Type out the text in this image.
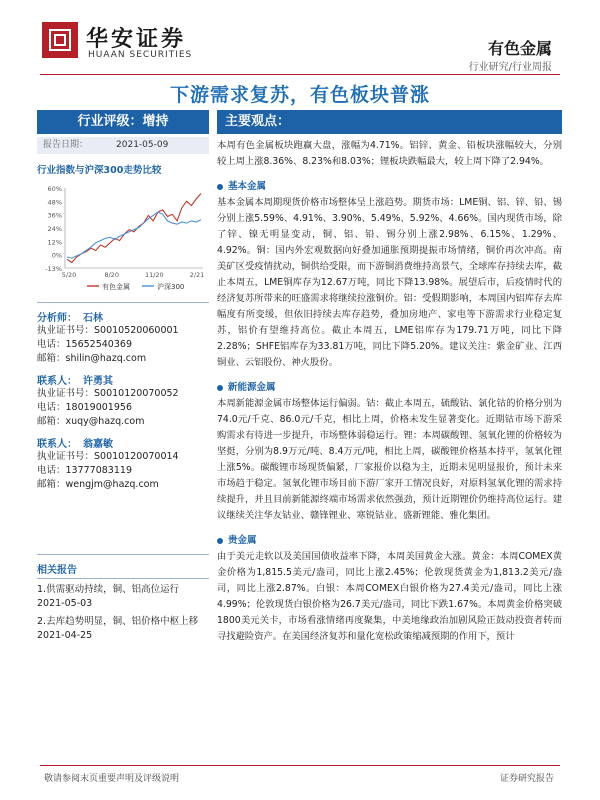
华安证券
HUAAN SECURITIES	有色金属
行业研究/行业周报
下游需求复苏，有色板块普涨
行业评级：增持
报告日期：	2021-05-09
行业指数与沪深300走势比较
60%
48%
36%
24%
12%
0%
-13%
5/20	8/20	11/20	2/21
有色金属	沪深300
分析师： 石林
执业证书号：S0010520060001
电话：15652540369
邮箱：shilin@hazq.com
联系人： 许勇其
执业证书号：S0010120070052
电话：18019001956
邮箱：xuqy@hazq.com
联系人： 翁嘉敏
执业证书号：S0010120070014
电话：13777083119
邮箱：wengjm@hazq.com
相关报告
1.供需驱动持续，铜、铝高位运行
2021-05-03
2.去库趋势明显，铜、铝价格中枢上移
2021-04-25
主要观点：
本周有色金属板块跑赢大盘，涨幅为4.71%。铝锌、黄金、铅板块涨幅较大，分别较上周上涨8.36%、8.23%和8.03%；锂板块跌幅最大，较上周下降了2.94%。
基本金属
基本金属本周期现货价格市场整体呈上涨趋势。期货市场：LME铜、铝、锌、铅、锡分别上涨5.59%、4.91%、3.90%、5.49%、5.92%、4.66%。国内现货市场，除了锌、镍无明显变动，铜、铝、铅、锡分别上涨2.98%、6.15%、1.29%、4.92%。铜：国内外宏观数据向好叠加通胀预期提振市场情绪，铜价再次冲高。南美矿区受疫情扰动，铜供给受限，而下游铜消费维持高景气，全球库存持续去库，截止本周五，LME铜库存为12.67万吨，同比下降13.98%。展望后市，后疫情时代的经济复苏所带来的旺盛需求将继续拉涨铜价。铝：受假期影响，本周国内铝库存去库幅度有所变缓，但依旧持续去库存趋势，叠加房地产、家电等下游需求行业稳定复苏，铝价有望维持高位。截止本周五，LME铝库存为179.71万吨，同比下降2.28%；SHFE铝库存为33.81万吨，同比下降5.20%。建议关注：紫金矿业、江西铜业、云铝股份、神火股份。
新能源金属
本周新能源金属市场整体运行偏弱。钴：截止本周五，硫酸钴、氯化钴的价格分别为74.0元/千克、86.0元/千克，相比上周，价格未发生显著变化。近期钴市场下游采购需求有待进一步提升，市场整体弱稳运行。锂：本周碳酸锂、氢氧化锂的价格较为坚挺，分别为8.9万元/吨、8.4万元/吨，相比上周，碳酸锂价格基本持平，氢氧化锂上涨5%。碳酸锂市场现货偏紧，厂家报价以稳为主，近期未见明显报价，预计未来市场趋于稳定。氢氧化锂市场目前下游厂家开工情况良好，对原料氢氧化锂的需求持续提升，并且目前新能源终端市场需求依然强劲，预计近期锂价仍维持高位运行。建议继续关注华友钴业、赣锋锂业、寒锐钴业、盛新锂能、雅化集团。
贵金属
由于美元走软以及美国国债收益率下降，本周美国黄金大涨。黄金：本周COMEX黄金价格为1,815.5美元/盎司，同比上涨2.45%；伦敦现货黄金为1,813.2美元/盎司，同比上涨2.87%。白银：本周COMEX白银价格为27.4美元/盎司，同比上涨4.99%；伦敦现货白银价格为26.7美元/盎司，同比下跌1.67%。本周黄金价格突破1800美元关卡，市场看涨情绪再度聚集，中美地缘政治加剧风险正鼓动投资者转而寻找避险资产。在美国经济复苏和量化宽松政策缩减预期的作用下，预计
敬请参阅末页重要声明及评级说明	证券研究报告
